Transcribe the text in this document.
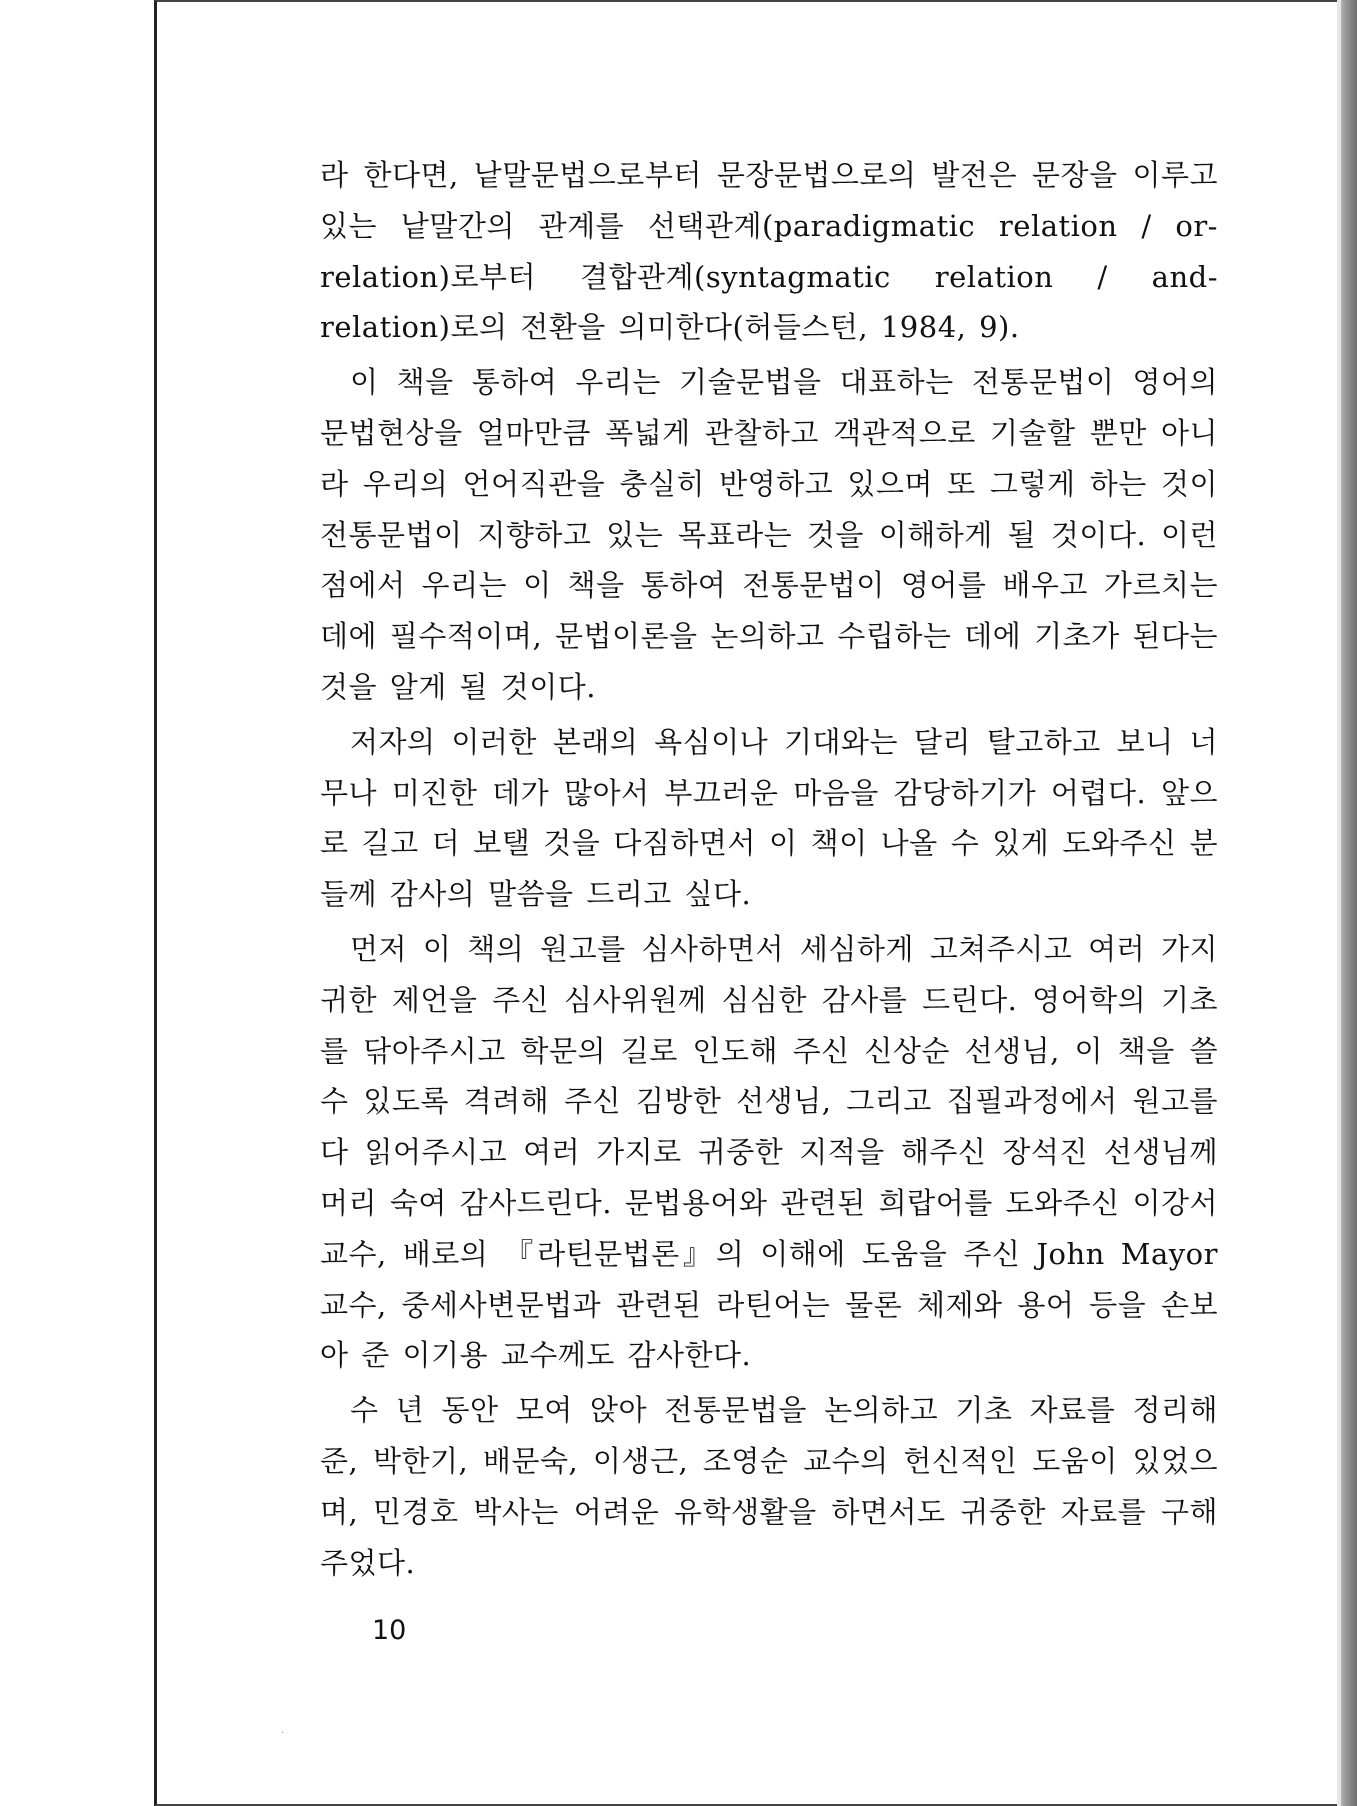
라 한다면, 낱말문법으로부터 문장문법으로의 발전은 문장을 이루고 있는 낱말간의 관계를 선택관계(paradigmatic relation / or-relation)로부터 결합관계(syntagmatic relation / and-relation)로의 전환을 의미한다(허들스턴, 1984, 9).

이 책을 통하여 우리는 기술문법을 대표하는 전통문법이 영어의 문법현상을 얼마만큼 폭넓게 관찰하고 객관적으로 기술할 뿐만 아니라 우리의 언어직관을 충실히 반영하고 있으며 또 그렇게 하는 것이 전통문법이 지향하고 있는 목표라는 것을 이해하게 될 것이다. 이런 점에서 우리는 이 책을 통하여 전통문법이 영어를 배우고 가르치는 데에 필수적이며, 문법이론을 논의하고 수립하는 데에 기초가 된다는 것을 알게 될 것이다.

저자의 이러한 본래의 욕심이나 기대와는 달리 탈고하고 보니 너무나 미진한 데가 많아서 부끄러운 마음을 감당하기가 어렵다. 앞으로 길고 더 보탤 것을 다짐하면서 이 책이 나올 수 있게 도와주신 분들께 감사의 말씀을 드리고 싶다.

먼저 이 책의 원고를 심사하면서 세심하게 고쳐주시고 여러 가지 귀한 제언을 주신 심사위원께 심심한 감사를 드린다. 영어학의 기초를 닦아주시고 학문의 길로 인도해 주신 신상순 선생님, 이 책을 쓸 수 있도록 격려해 주신 김방한 선생님, 그리고 집필과정에서 원고를 다 읽어주시고 여러 가지로 귀중한 지적을 해주신 장석진 선생님께 머리 숙여 감사드린다. 문법용어와 관련된 희랍어를 도와주신 이강서 교수, 배로의 『라틴문법론』의 이해에 도움을 주신 John Mayor 교수, 중세사변문법과 관련된 라틴어는 물론 체제와 용어 등을 손보아 준 이기용 교수께도 감사한다.

수 년 동안 모여 앉아 전통문법을 논의하고 기초 자료를 정리해 준, 박한기, 배문숙, 이생근, 조영순 교수의 헌신적인 도움이 있었으며, 민경호 박사는 어려운 유학생활을 하면서도 귀중한 자료를 구해 주었다.

10
·
